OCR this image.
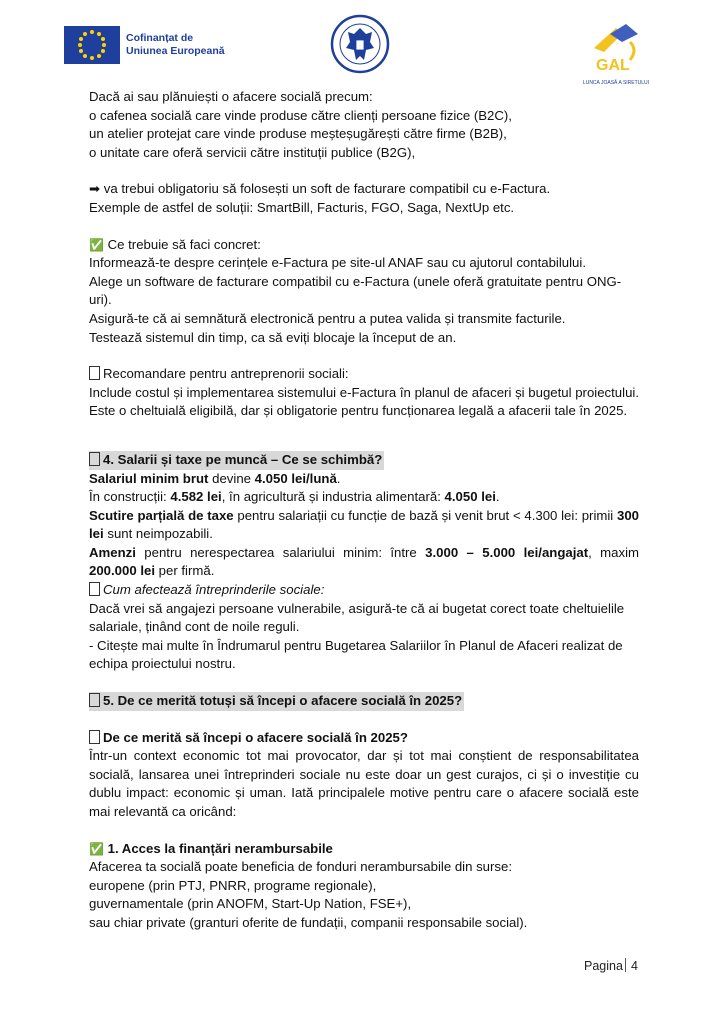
Cofinanțat de
Uniunea Europeană
GAL
LUNCA JOASĂ A SIRETULUI

Dacă ai sau plănuiești o afacere socială precum:

o cafenea socială care vinde produse către clienți persoane fizice (B2C),

un atelier protejat care vinde produse meșteșugărești către firme (B2B),

o unitate care oferă servicii către instituții publice (B2G),

➡ va trebui obligatoriu să folosești un soft de facturare compatibil cu e-Factura.

Exemple de astfel de soluții: SmartBill, Facturis, FGO, Saga, NextUp etc.

✅ Ce trebuie să faci concret:

Informează-te despre cerințele e-Factura pe site-ul ANAF sau cu ajutorul contabilului.

Alege un software de facturare compatibil cu e-Factura (unele oferă gratuitate pentru ONG-uri).

Asigură-te că ai semnătură electronică pentru a putea valida și transmite facturile.

Testează sistemul din timp, ca să eviți blocaje la început de an.

Recomandare pentru antreprenorii sociali:

Include costul și implementarea sistemului e-Factura în planul de afaceri și bugetul proiectului. Este o cheltuială eligibilă, dar și obligatorie pentru funcționarea legală a afacerii tale în 2025.

4. Salarii și taxe pe muncă – Ce se schimbă?

Salariul minim brut devine 4.050 lei/lună.

În construcții: 4.582 lei, în agricultură și industria alimentară: 4.050 lei.

Scutire parțială de taxe pentru salariații cu funcție de bază și venit brut < 4.300 lei: primii 300 lei sunt neimpozabili.

Amenzi pentru nerespectarea salariului minim: între 3.000 – 5.000 lei/angajat, maxim 200.000 lei per firmă.

Cum afectează întreprinderile sociale:

Dacă vrei să angajezi persoane vulnerabile, asigură-te că ai bugetat corect toate cheltuielile salariale, ținând cont de noile reguli.

- Citește mai multe în Îndrumarul pentru Bugetarea Salariilor în Planul de Afaceri realizat de echipa proiectului nostru.

5. De ce merită totuși să începi o afacere socială în 2025?

De ce merită să începi o afacere socială în 2025?

Într-un context economic tot mai provocator, dar și tot mai conștient de responsabilitatea socială, lansarea unei întreprinderi sociale nu este doar un gest curajos, ci și o investiție cu dublu impact: economic și uman. Iată principalele motive pentru care o afacere socială este mai relevantă ca oricând:

✅ 1. Acces la finanțări nerambursabile

Afacerea ta socială poate beneficia de fonduri nerambursabile din surse:

europene (prin PTJ, PNRR, programe regionale),

guvernamentale (prin ANOFM, Start-Up Nation, FSE+),

sau chiar private (granturi oferite de fundații, companii responsabile social).

Pagina 4
